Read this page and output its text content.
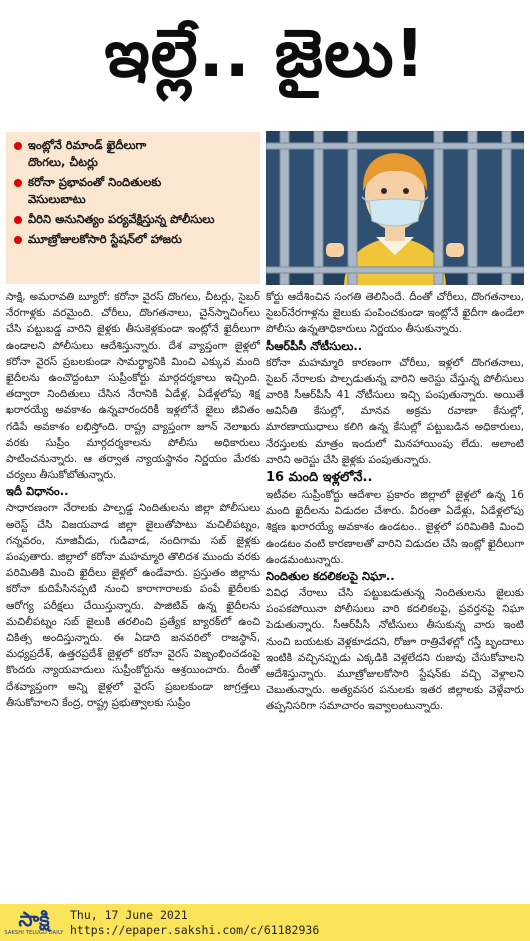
ఇల్లే.. జైలు!
ఇంట్లోనే రిమాండ్ ఖైదీలుగా
దొంగలు, చీటర్లు
కరోనా ప్రభావంతో నిందితులకు
వెసులుబాటు
వీరిని అనునిత్యం పర్యవేక్షిస్తున్న పోలీసులు
మూణ్రోజులకోసారి స్టేషన్‌లో హాజరు

సాక్షి, అమరావతి బ్యూరో: కరోనా వైరస్ దొంగలు, చీటర్లు, సైబర్ నేరగాళ్లకు వరమైంది. చోరీలు, దొంగతనాలు, చైన్‌స్నాచింగ్‌లు చేసి పట్టుబడ్డ వారిని జైళ్లకు తీసుకెళ్లకుండా ఇంట్లోనే ఖైదీలుగా ఉండాలని పోలీసులు ఆదేశిస్తున్నారు. దేశ వ్యాప్తంగా జైళ్లలో కరోనా వైరస్ ప్రబలకుండా సామర్థ్యానికి మించి ఎక్కువ మంది ఖైదీలను ఉంచొద్దంటూ సుప్రీంకోర్టు మార్గదర్శకాలు ఇచ్చింది. తద్వారా నిందితులు చేసిన నేరానికి ఏడేళ్ల, ఏడేళ్లలోపు శిక్ష ఖరారయ్యే అవకాశం ఉన్నవారందరికీ ఇళ్లలోనే జైలు జీవితం గడిపే అవకాశం లభిస్తోంది. రాష్ట్ర వ్యాప్తంగా జూన్ నెలాఖరు వరకు సుప్రీం మార్గదర్శకాలను పోలీసు అధికారులు పాటించనున్నారు. ఆ తర్వాత న్యాయస్థానం నిర్ణయం మేరకు చర్యలు తీసుకోబోతున్నారు.

ఇదీ విధానం..

సాధారణంగా నేరాలకు పాల్పడ్డ నిందితులను జిల్లా పోలీసులు అరెస్ట్ చేసి విజయవాడ జిల్లా జైలుతోపాటు మచిలీపట్నం, గన్నవరం, నూజివీడు, గుడివాడ, నందిగామ సబ్ జైళ్లకు పంపుతారు. జిల్లాలో కరోనా మహమ్మారి తొలిదశ ముందు వరకు పరిమితికి మించి ఖైదీలు జైళ్లలో ఉండేవారు. ప్రస్తుతం జిల్లాను కరోనా కుదిపేసినప్పటి నుంచి కారాగారాలకు పంపే ఖైదీలకు ఆరోగ్య పరీక్షలు చేయిస్తున్నారు. పాజిటివ్ ఉన్న ఖైదీలను మచిలీపట్నం సబ్ జైలుకి తరలించి ప్రత్యేక బ్యారక్‌లో ఉంచి చికిత్స అందిస్తున్నారు. ఈ ఏడాది జనవరిలో రాజస్థాన్, మధ్యప్రదేశ్, ఉత్తరప్రదేశ్ జైళ్లలో కరోనా వైరస్ విజృంభించడంపై కొందరు న్యాయవాదులు సుప్రీంకోర్టును ఆశ్రయించారు. దీంతో దేశవ్యాప్తంగా అన్ని జైళ్లలో వైరస్ ప్రబలకుండా జాగ్రత్తలు తీసుకోవాలని కేంద్ర, రాష్ట్ర ప్రభుత్వాలకు సుప్రీం

కోర్టు ఆదేశించిన సంగతి తెలిసిందే. దీంతో చోరీలు, దొంగతనాలు, సైబర్‌నేరగాళ్లను జైలుకు పంపించకుండా ఇంట్లోనే ఖైదీగా ఉండేలా పోలీసు ఉన్నతాధికారులు నిర్ణయం తీసుకున్నారు.

సీఆర్‌పీసీ నోటీసులు..

కరోనా మహమ్మారి కారణంగా చోరీలు, ఇళ్లలో దొంగతనాలు, సైబర్ నేరాలకు పాల్పడుతున్న వారిని అరెస్టు చేస్తున్న పోలీసులు వారికి సీఆర్‌పీసీ 41 నోటీసులు ఇచ్చి పంపుతున్నారు. అయితే అవినీతి కేసుల్లో, మానవ అక్రమ రవాణా కేసుల్లో, మారణాయుధాలు కలిగి ఉన్న కేసుల్లో పట్టుబడిన అధికారులు, నేరస్తులకు మాత్రం ఇందులో మినహాయింపు లేదు. అలాంటి వారిని అరెస్టు చేసి జైళ్లకు పంపుతున్నారు.

16 మంది ఇళ్లలోనే..

ఇటీవల సుప్రీంకోర్టు ఆదేశాల ప్రకారం జిల్లాలో జైళ్లలో ఉన్న 16 మంది ఖైదీలను విడుదల చేశారు. వీరంతా ఏడేళ్లు, ఏడేళ్లలోపు శిక్షణ ఖరారయ్యే అవకాశం ఉండటం.. జైళ్లలో పరిమితికి మించి ఉండటం వంటి కారణాలతో వారిని విడుదల చేసి ఇంట్లో ఖైదీలుగా ఉండమంటున్నారు.

నిందితుల కదలికలపై నిఘా..

వివిధ నేరాలు చేసి పట్టుబడుతున్న నిందితులను జైలుకు పంపకపోయినా పోలీసులు వారి కదలికలపై, ప్రవర్తనపై నిఘా పెడుతున్నారు. సీఆర్‌పీసీ నోటీసులు తీసుకున్న వారు ఇంటి నుంచి బయటకు వెళ్లకూడదని, రోజూ రాత్రివేళల్లో గస్తీ బృందాలు ఇంటికి వచ్చినప్పుడు ఎక్కడికి వెళ్లలేదని రుజువు చేసుకోవాలని ఆదేశిస్తున్నారు. మూణ్రోజులకోసారి స్టేషన్‌కు వచ్చి వెళ్లాలని చెబుతున్నారు. అత్యవసర పనులకు ఇతర జిల్లాలకు వెళ్లేవారు తప్పనిసరిగా సమాచారం ఇవ్వాలంటున్నారు.

సాక్షి
SAKSHI TELUGU DAILY
Thu, 17 June 2021
https://epaper.sakshi.com/c/61182936
